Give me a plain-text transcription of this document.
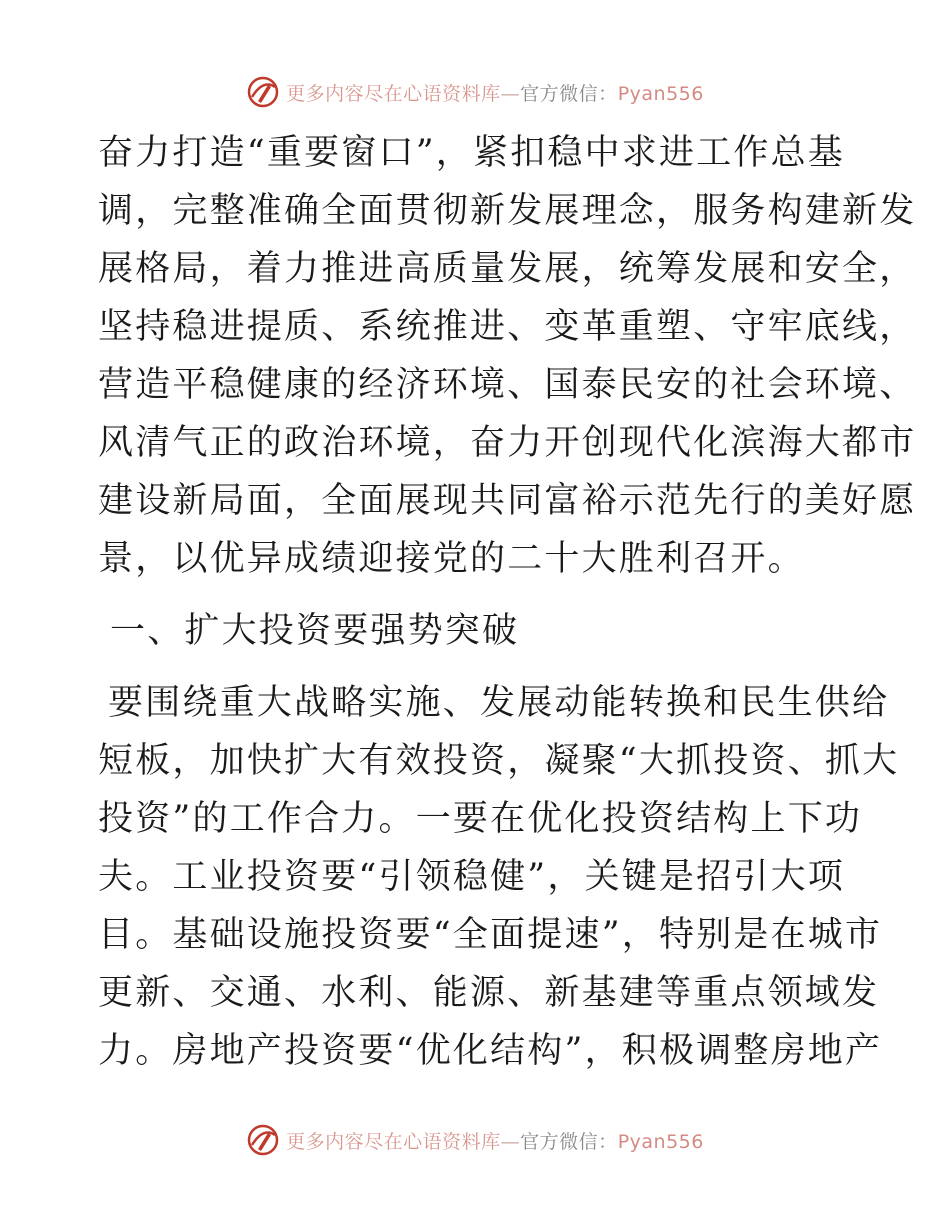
更多内容尽在心语资料库—官方微信：Pyan556
奋力打造“重要窗口”，紧扣稳中求进工作总基
调，完整准确全面贯彻新发展理念，服务构建新发
展格局，着力推进高质量发展，统筹发展和安全，
坚持稳进提质、系统推进、变革重塑、守牢底线，
营造平稳健康的经济环境、国泰民安的社会环境、
风清气正的政治环境，奋力开创现代化滨海大都市
建设新局面，全面展现共同富裕示范先行的美好愿
景，以优异成绩迎接党的二十大胜利召开。
一、扩大投资要强势突破
要围绕重大战略实施、发展动能转换和民生供给
短板，加快扩大有效投资，凝聚“大抓投资、抓大
投资”的工作合力。一要在优化投资结构上下功
夫。工业投资要“引领稳健”，关键是招引大项
目。基础设施投资要“全面提速”，特别是在城市
更新、交通、水利、能源、新基建等重点领域发
力。房地产投资要“优化结构”，积极调整房地产
更多内容尽在心语资料库—官方微信：Pyan556
